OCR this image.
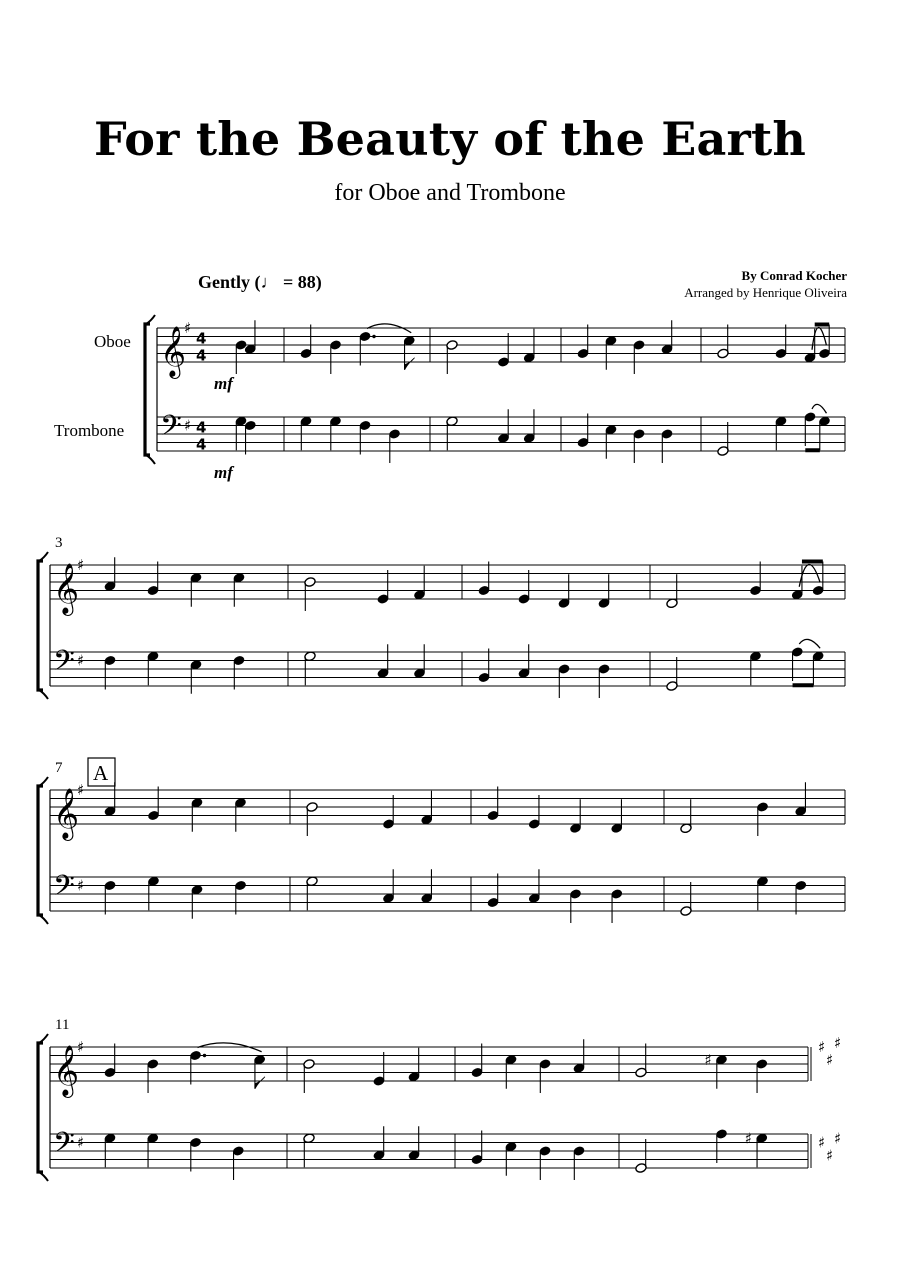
For the Beauty of the Earth
for Oboe and Trombone
Gently (♩ = 88)	By Conrad Kocher
Arranged by Henrique Oliveira
Oboe
Trombone
𝄞
𝄢
♯
♯
4
4
4
4
mf
mf
𝄞
𝄢
♯
♯
3
𝄞
𝄢
♯
♯
7 A
𝄞
𝄢
♯
♯
11
♯
♯
♯
♯
♯
♯
♯
♯
